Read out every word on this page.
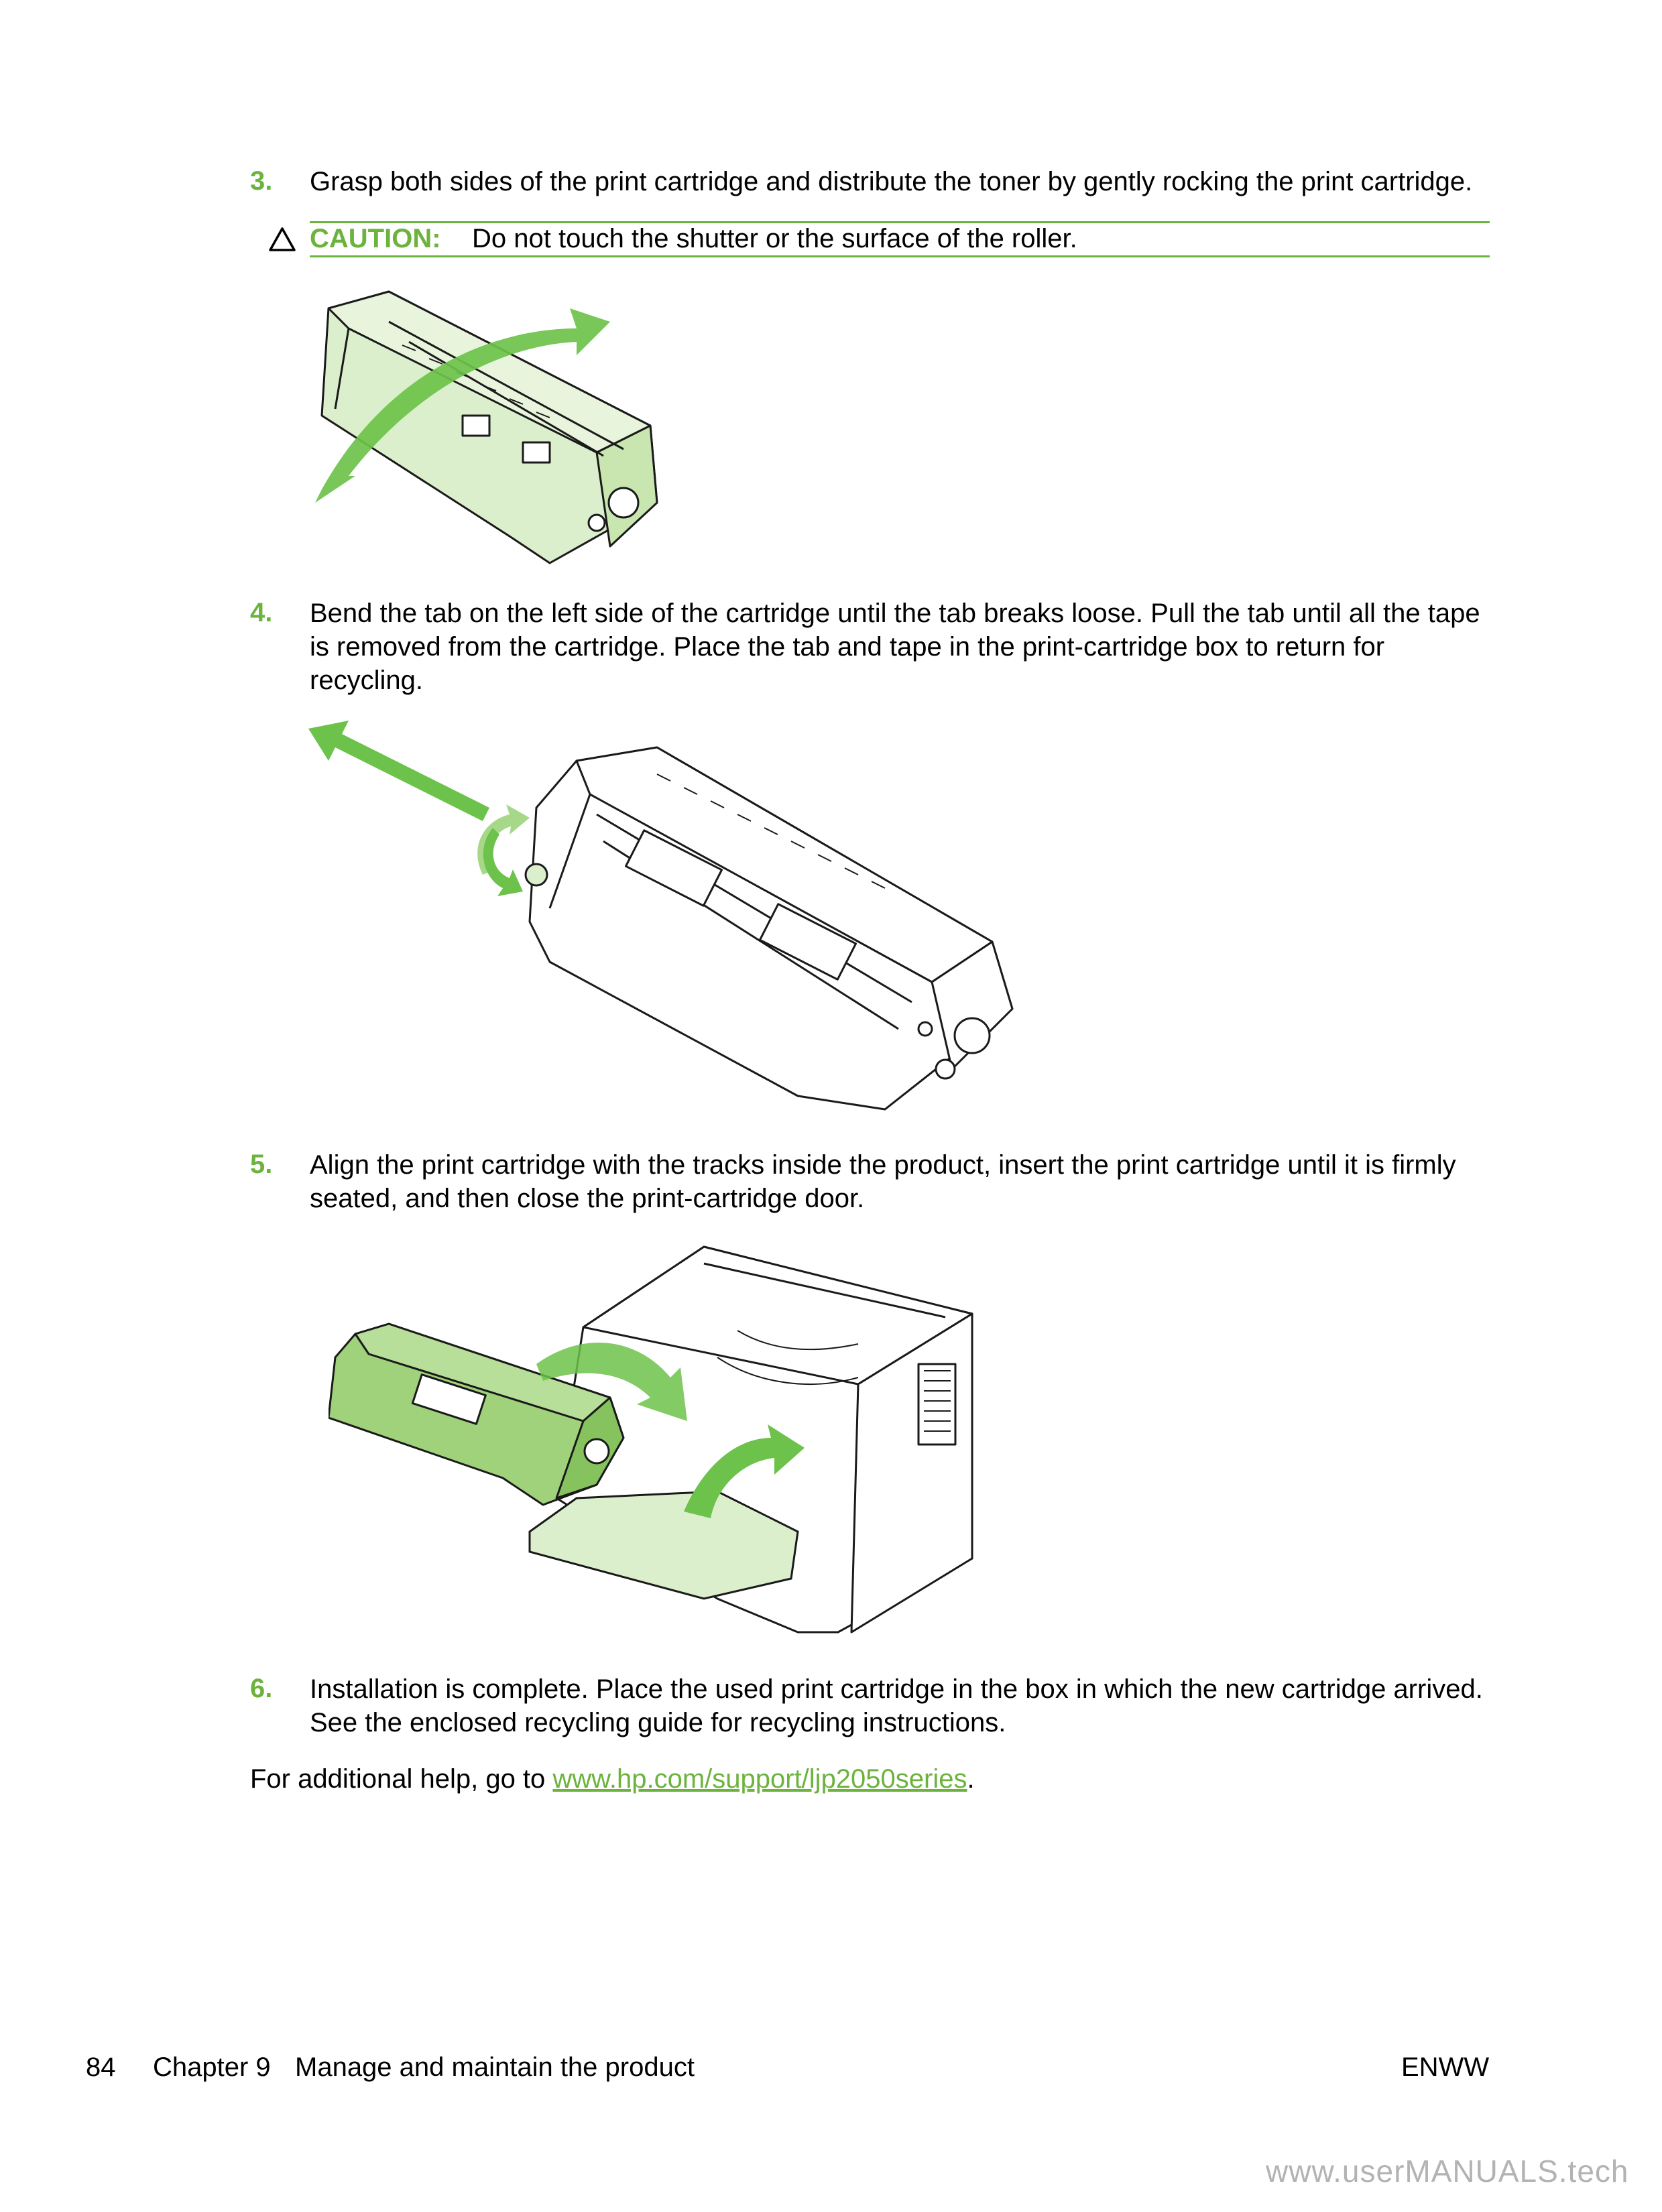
3. Grasp both sides of the print cartridge and distribute the toner by gently rocking the print cartridge.
CAUTION: Do not touch the shutter or the surface of the roller.
4. Bend the tab on the left side of the cartridge until the tab breaks loose. Pull the tab until all the tape is removed from the cartridge. Place the tab and tape in the print-cartridge box to return for recycling.
5. Align the print cartridge with the tracks inside the product, insert the print cartridge until it is firmly seated, and then close the print-cartridge door.
6. Installation is complete. Place the used print cartridge in the box in which the new cartridge arrived. See the enclosed recycling guide for recycling instructions.
For additional help, go to www.hp.com/support/ljp2050series.
84 Chapter 9 Manage and maintain the product	ENWW
www.userMANUALS.tech
